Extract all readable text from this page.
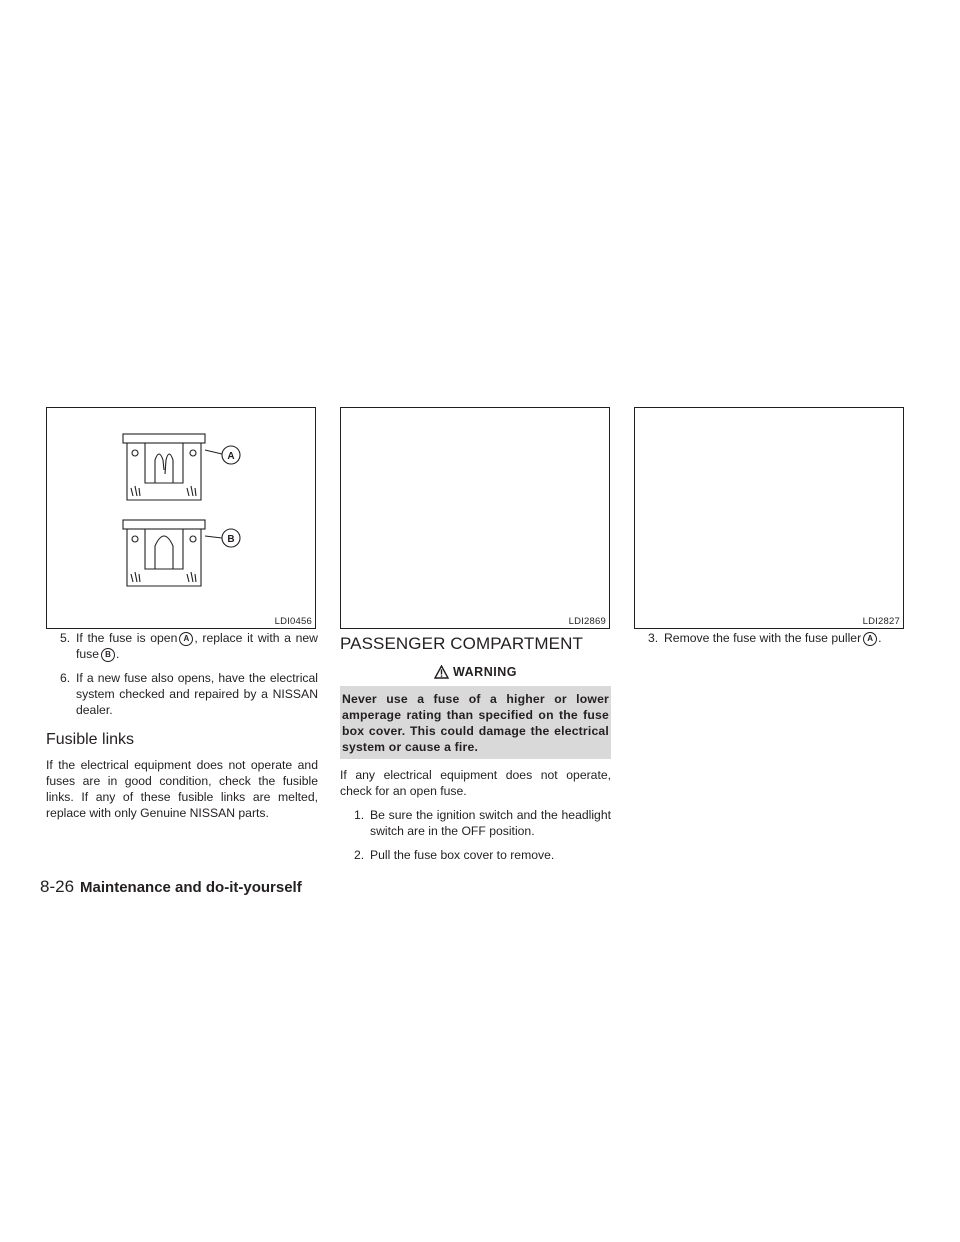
A
B
LDI0456	LDI2869	LDI2827
5. If the fuse is open A , replace it with a new fuse B .
6. If a new fuse also opens, have the electrical system checked and repaired by a NISSAN dealer.
Fusible links

If the electrical equipment does not operate and fuses are in good condition, check the fusible links. If any of these fusible links are melted, replace with only Genuine NISSAN parts.

PASSENGER COMPARTMENT
WARNING
Never use a fuse of a higher or lower amperage rating than specified on the fuse box cover. This could damage the electrical system or cause a fire.

If any electrical equipment does not operate, check for an open fuse.

1. Be sure the ignition switch and the headlight switch are in the OFF position.
2. Pull the fuse box cover to remove.
3. Remove the fuse with the fuse puller A .
8-26 Maintenance and do-it-yourself
